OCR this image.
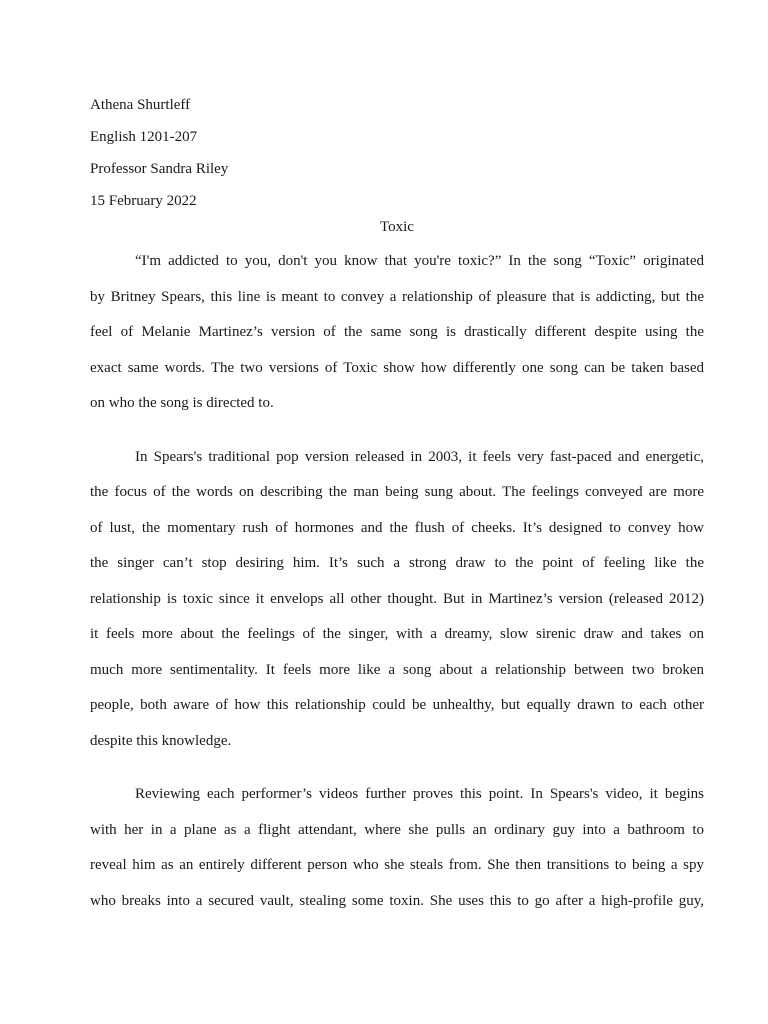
Athena Shurtleff
English 1201-207
Professor Sandra Riley
15 February 2022
Toxic
“I'm addicted to you, don't you know that you're toxic?” In the song “Toxic” originated
by Britney Spears, this line is meant to convey a relationship of pleasure that is addicting, but the
feel of Melanie Martinez’s version of the same song is drastically different despite using the
exact same words. The two versions of Toxic show how differently one song can be taken based
on who the song is directed to.
In Spears's traditional pop version released in 2003, it feels very fast-paced and energetic,
the focus of the words on describing the man being sung about. The feelings conveyed are more
of lust, the momentary rush of hormones and the flush of cheeks. It’s designed to convey how
the singer can’t stop desiring him. It’s such a strong draw to the point of feeling like the
relationship is toxic since it envelops all other thought. But in Martinez’s version (released 2012)
it feels more about the feelings of the singer, with a dreamy, slow sirenic draw and takes on
much more sentimentality. It feels more like a song about a relationship between two broken
people, both aware of how this relationship could be unhealthy, but equally drawn to each other
despite this knowledge.
Reviewing each performer’s videos further proves this point. In Spears's video, it begins
with her in a plane as a flight attendant, where she pulls an ordinary guy into a bathroom to
reveal him as an entirely different person who she steals from. She then transitions to being a spy
who breaks into a secured vault, stealing some toxin. She uses this to go after a high-profile guy,
